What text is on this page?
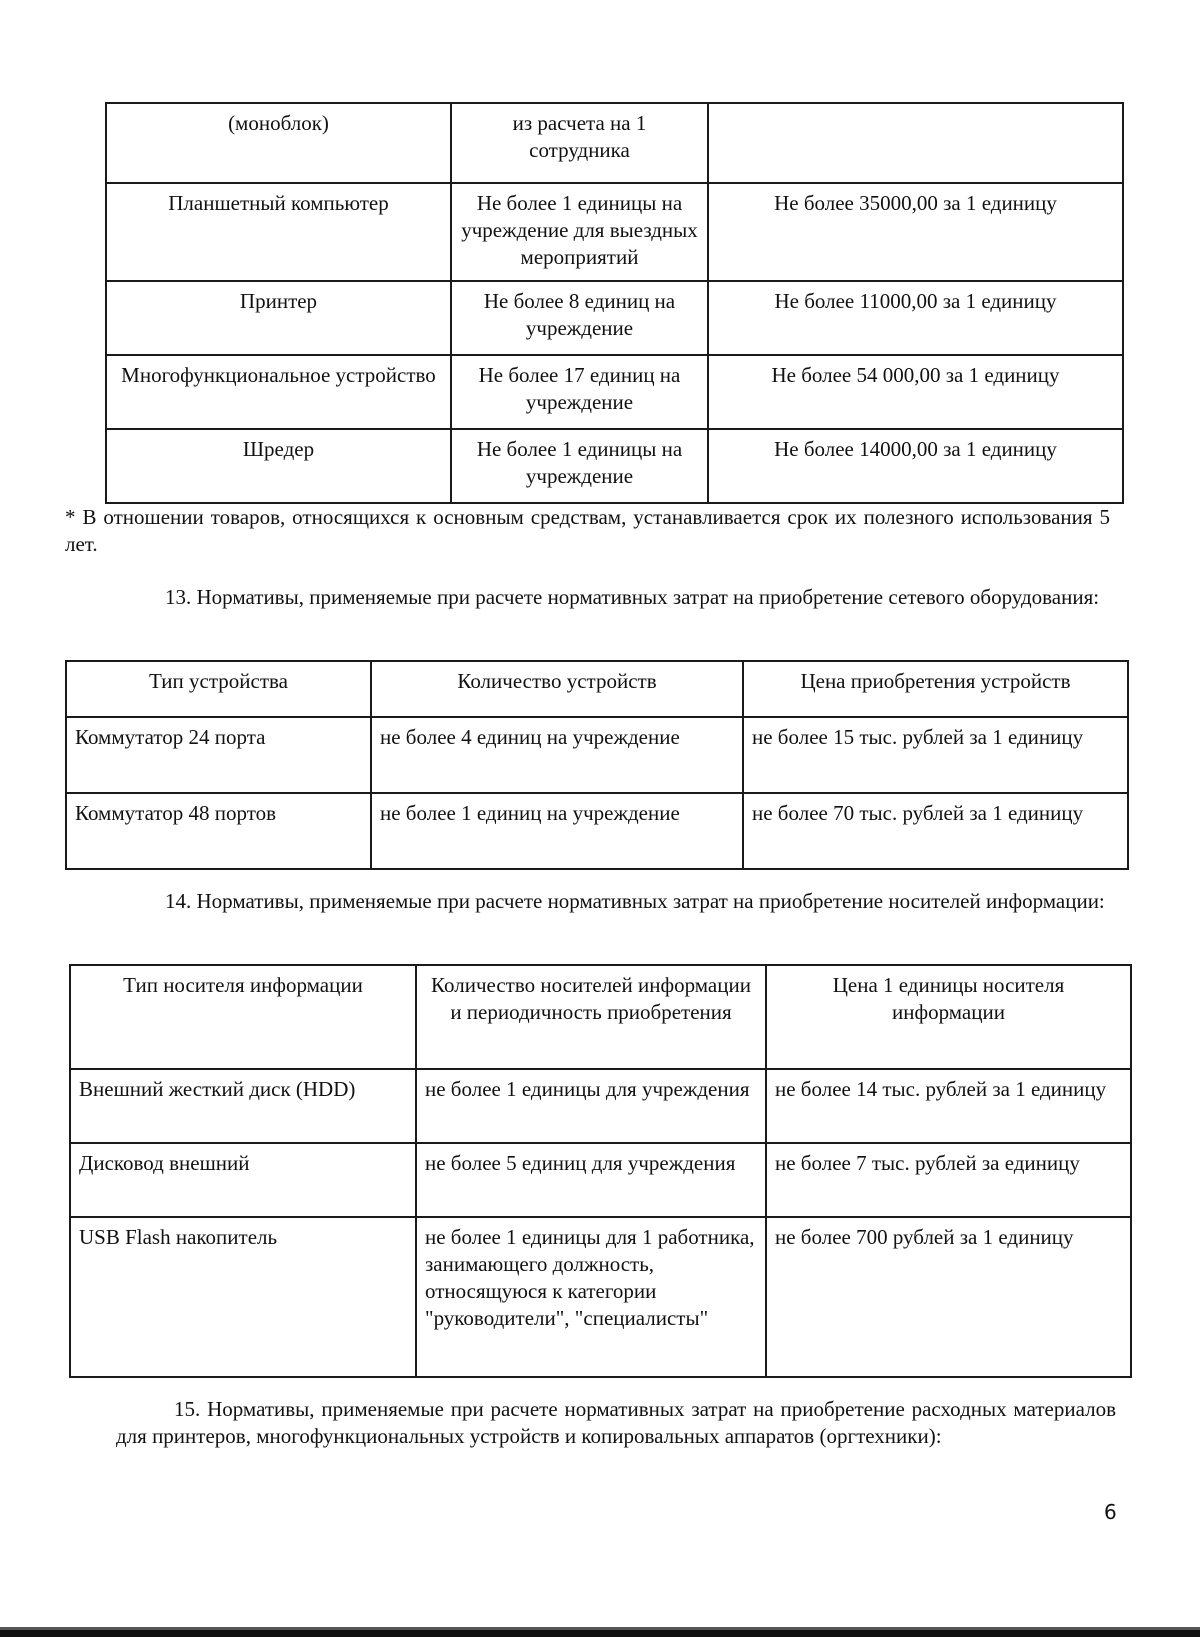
(моноблок)	из расчета на 1 сотрудника	
Планшетный компьютер	Не более 1 единицы на учреждение для выездных мероприятий	Не более 35000,00 за 1 единицу
Принтер	Не более 8 единиц на учреждение	Не более 11000,00 за 1 единицу
Многофункциональное устройство	Не более 17 единиц на учреждение	Не более 54 000,00 за 1 единицу
Шредер	Не более 1 единицы на учреждение	Не более 14000,00 за 1 единицу
* В отношении товаров, относящихся к основным средствам, устанавливается срок их полезного использования 5 лет.
13. Нормативы, применяемые при расчете нормативных затрат на приобретение сетевого оборудования:
Тип устройства	Количество устройств	Цена приобретения устройств
Коммутатор 24 порта	не более 4 единиц на учреждение	не более 15 тыс. рублей за 1 единицу
Коммутатор 48 портов	не более 1 единиц на учреждение	не более 70 тыс. рублей за 1 единицу
14. Нормативы, применяемые при расчете нормативных затрат на приобретение носителей информации:
Тип носителя информации	Количество носителей информации и периодичность приобретения	Цена 1 единицы носителя информации
Внешний жесткий диск (HDD)	не более 1 единицы для учреждения	не более 14 тыс. рублей за 1 единицу
Дисковод внешний	не более 5 единиц для учреждения	не более 7 тыс. рублей за единицу
USB Flash накопитель	не более 1 единицы для 1 работника, занимающего должность, относящуюся к категории "руководители", "специалисты"	не более 700 рублей за 1 единицу
15. Нормативы, применяемые при расчете нормативных затрат на приобретение расходных материалов для принтеров, многофункциональных устройств и копировальных аппаратов (оргтехники):
6
